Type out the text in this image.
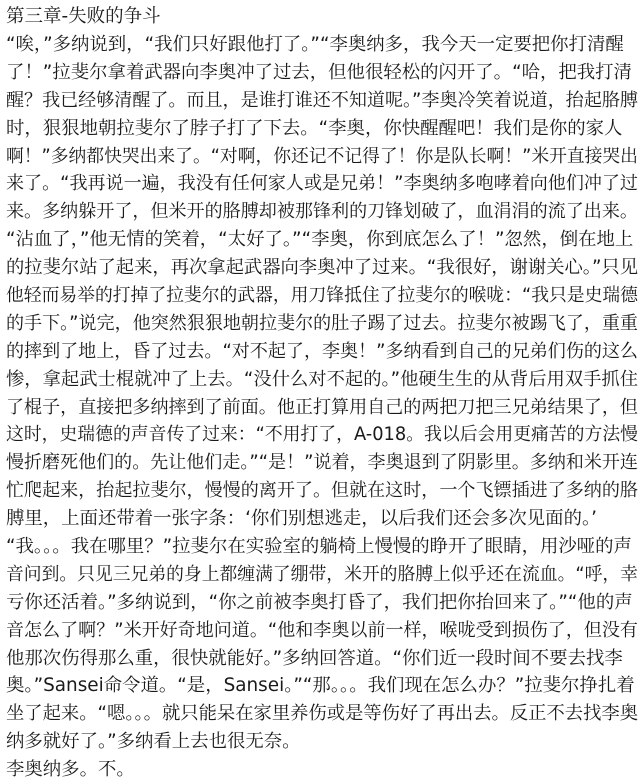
第三章-失败的争斗
“唉，”多纳说到，“我们只好跟他打了。”“李奥纳多，我今天一定要把你打清醒
了！”拉斐尔拿着武器向李奥冲了过去，但他很轻松的闪开了。“哈，把我打清
醒？我已经够清醒了。而且，是谁打谁还不知道呢。”李奥冷笑着说道，抬起胳膊
时，狠狠地朝拉斐尔了脖子打了下去。“李奥，你快醒醒吧！我们是你的家人
啊！”多纳都快哭出来了。“对啊，你还记不记得了！你是队长啊！”米开直接哭出
来了。“我再说一遍，我没有任何家人或是兄弟！”李奥纳多咆哮着向他们冲了过
来。多纳躲开了，但米开的胳膊却被那锋利的刀锋划破了，血涓涓的流了出来。
“沾血了，”他无情的笑着，“太好了。”“李奥，你到底怎么了！”忽然，倒在地上
的拉斐尔站了起来，再次拿起武器向李奥冲了过来。“我很好，谢谢关心。”只见
他轻而易举的打掉了拉斐尔的武器，用刀锋抵住了拉斐尔的喉咙：“我只是史瑞德
的手下。”说完，他突然狠狠地朝拉斐尔的肚子踢了过去。拉斐尔被踢飞了，重重
的摔到了地上，昏了过去。“对不起了，李奥！”多纳看到自己的兄弟们伤的这么
惨，拿起武士棍就冲了上去。“没什么对不起的。”他硬生生的从背后用双手抓住
了棍子，直接把多纳摔到了前面。他正打算用自己的两把刀把三兄弟结果了，但
这时，史瑞德的声音传了过来：“不用打了，A-018。我以后会用更痛苦的方法慢
慢折磨死他们的。先让他们走。”“是！”说着，李奥退到了阴影里。多纳和米开连
忙爬起来，抬起拉斐尔，慢慢的离开了。但就在这时，一个飞镖插进了多纳的胳
膊里，上面还带着一张字条：‘你们别想逃走，以后我们还会多次见面的。’
“我。。。我在哪里？”拉斐尔在实验室的躺椅上慢慢的睁开了眼睛，用沙哑的声
音问到。只见三兄弟的身上都缠满了绷带，米开的胳膊上似乎还在流血。“呼，幸
亏你还活着。”多纳说到，“你之前被李奥打昏了，我们把你抬回来了。”“他的声
音怎么了啊？”米开好奇地问道。“他和李奥以前一样，喉咙受到损伤了，但没有
他那次伤得那么重，很快就能好。”多纳回答道。“你们近一段时间不要去找李
奥。”Sansei命令道。“是，Sansei。”“那。。。我们现在怎么办？”拉斐尔挣扎着
坐了起来。“嗯。。。就只能呆在家里养伤或是等伤好了再出去。反正不去找李奥
纳多就好了。”多纳看上去也很无奈。
李奥纳多。不。
